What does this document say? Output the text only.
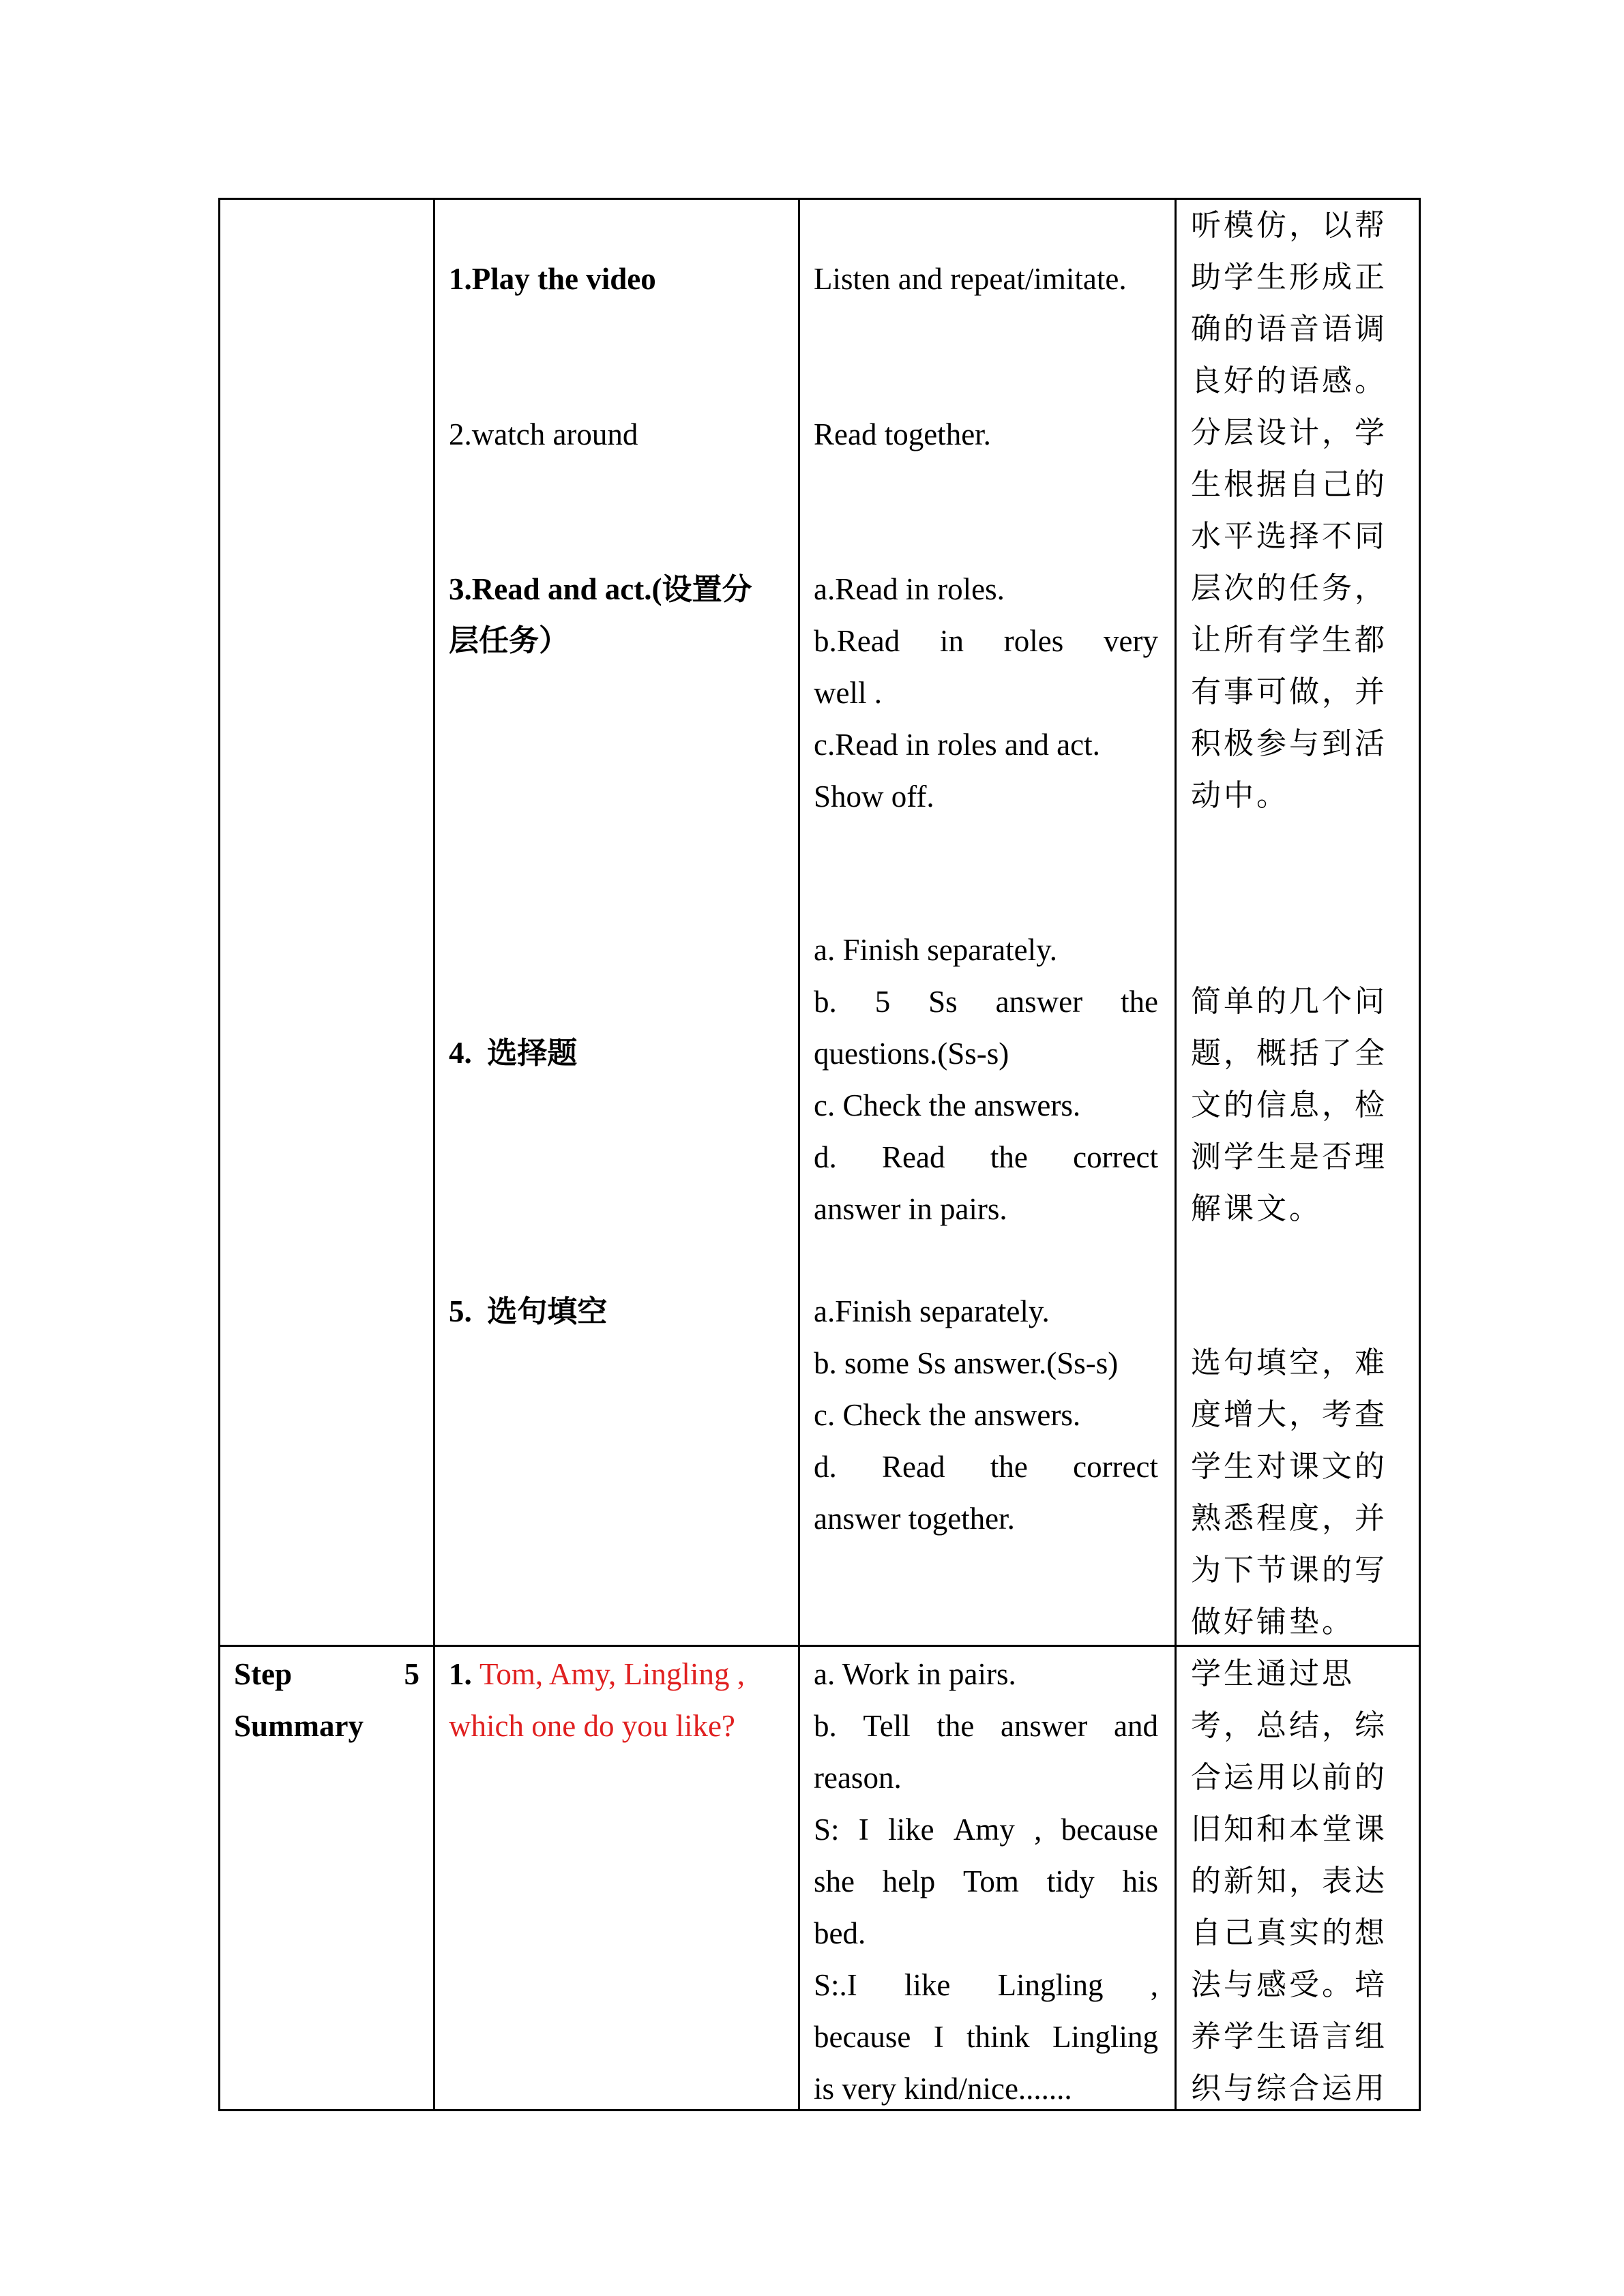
1.Play the video
2.watch around
3.Read and act.(设置分
层任务）
4. 选择题
5. 选句填空
Listen and repeat/imitate.
Read together.
a.Read in roles.
b.Read in roles very
well .
c.Read in roles and act.
Show off.
a. Finish separately.
b. 5 Ss answer the
questions.(Ss-s)
c. Check the answers.
d. Read the correct
answer in pairs.
a.Finish separately.
b. some Ss answer.(Ss-s)
c. Check the answers.
d. Read the correct
answer together.
听模仿，以帮
助学生形成正
确的语音语调
良好的语感。
分层设计，学
生根据自己的
水平选择不同
层次的任务，
让所有学生都
有事可做，并
积极参与到活
动中。
简单的几个问
题，概括了全
文的信息，检
测学生是否理
解课文。
选句填空，难
度增大，考查
学生对课文的
熟悉程度，并
为下节课的写
做好铺垫。
Step	5
Summary
1. Tom, Amy, Lingling ,
which one do you like?
a. Work in pairs.
b. Tell the answer and
reason.
S: I like Amy , because
she help Tom tidy his
bed.
S:.I like Lingling ,
because I think Lingling
is very kind/nice.......
学生通过思
考，总结，综
合运用以前的
旧知和本堂课
的新知，表达
自己真实的想
法与感受。培
养学生语言组
织与综合运用
